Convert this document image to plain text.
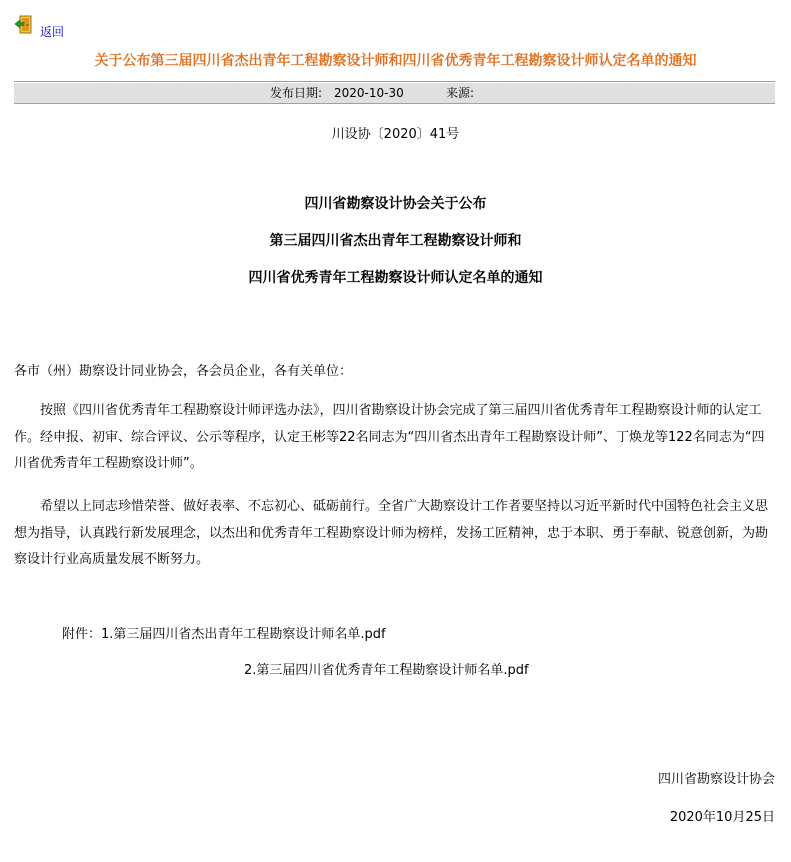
返回
关于公布第三届四川省杰出青年工程勘察设计师和四川省优秀青年工程勘察设计师认定名单的通知
发布日期: 2020-10-30	来源:
川设协〔2020〕41号
四川省勘察设计协会关于公布
第三届四川省杰出青年工程勘察设计师和
四川省优秀青年工程勘察设计师认定名单的通知
各市（州）勘察设计同业协会，各会员企业，各有关单位：
按照《四川省优秀青年工程勘察设计师评选办法》，四川省勘察设计协会完成了第三届四川省优秀青年工程勘察设计师的认定工作。经申报、初审、综合评议、公示等程序，认定王彬等22名同志为“四川省杰出青年工程勘察设计师”、丁焕龙等122名同志为“四川省优秀青年工程勘察设计师”。
希望以上同志珍惜荣誉、做好表率、不忘初心、砥砺前行。全省广大勘察设计工作者要坚持以习近平新时代中国特色社会主义思想为指导，认真践行新发展理念，以杰出和优秀青年工程勘察设计师为榜样，发扬工匠精神，忠于本职、勇于奉献、锐意创新，为勘察设计行业高质量发展不断努力。
附件：1.第三届四川省杰出青年工程勘察设计师名单.pdf
2.第三届四川省优秀青年工程勘察设计师名单.pdf
四川省勘察设计协会
2020年10月25日
